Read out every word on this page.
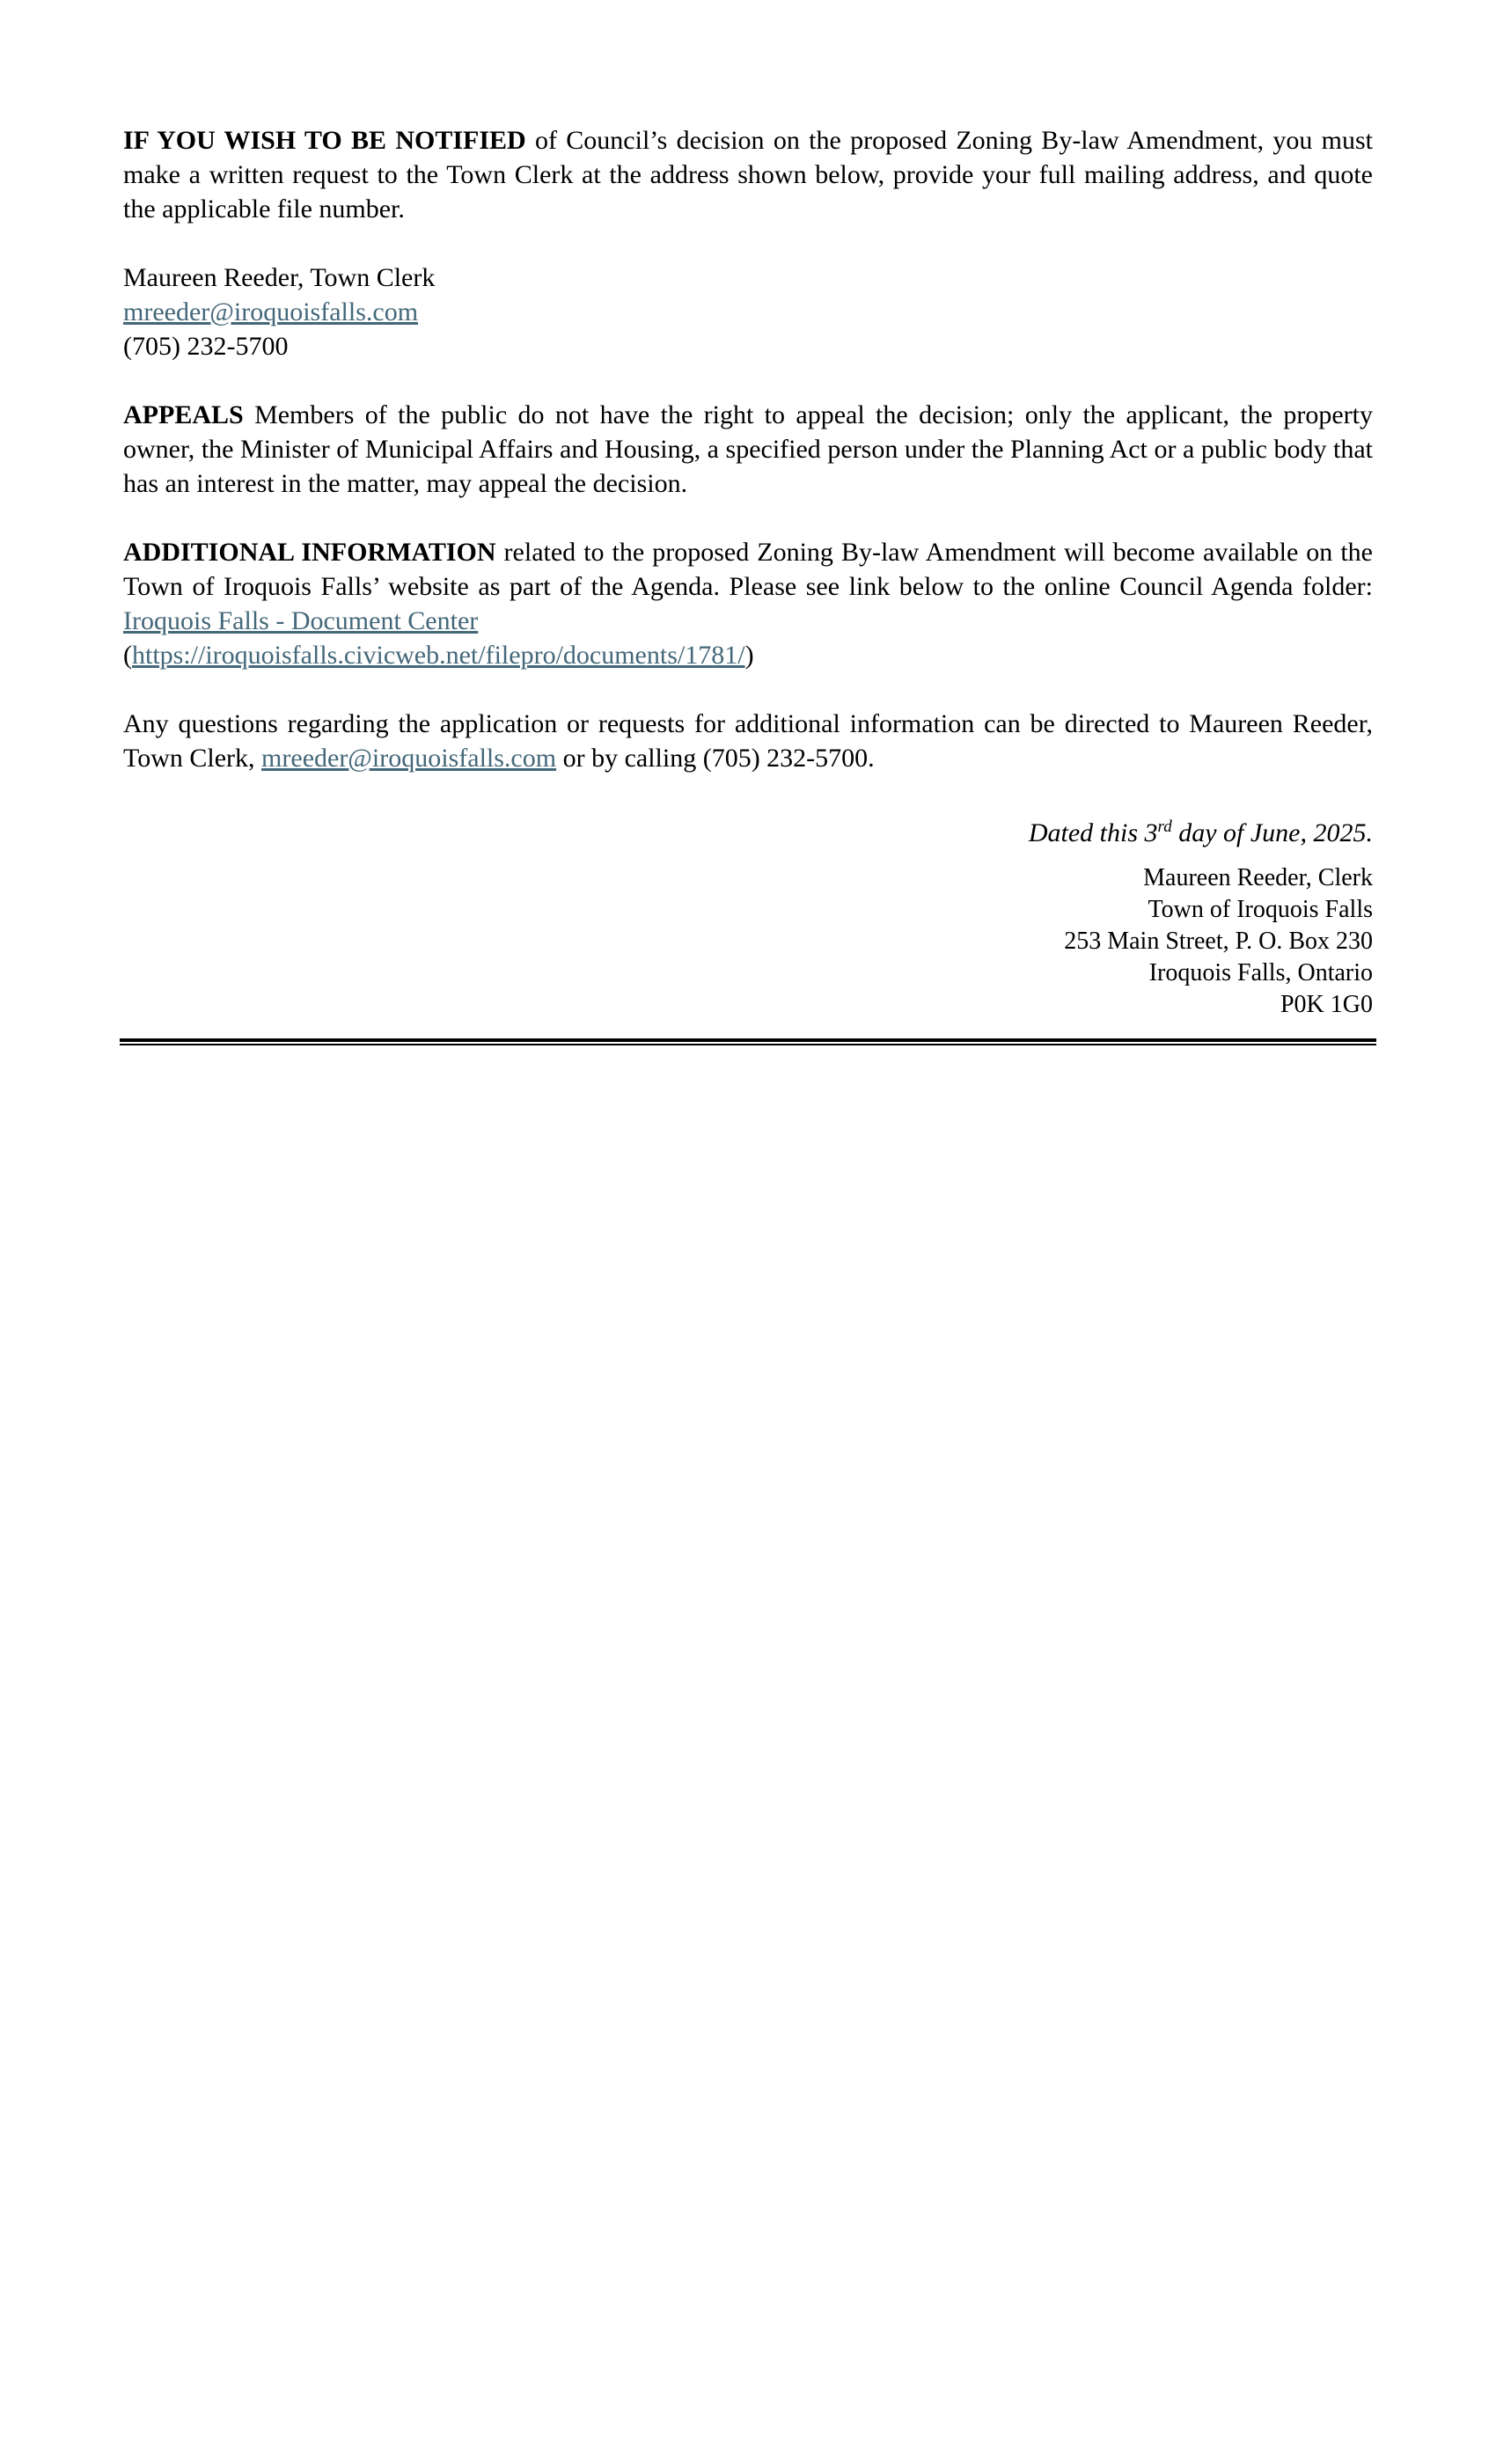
IF YOU WISH TO BE NOTIFIED of Council’s decision on the proposed Zoning By-law Amendment, you must make a written request to the Town Clerk at the address shown below, provide your full mailing address, and quote the applicable file number.

Maureen Reeder, Town Clerk
mreeder@iroquoisfalls.com
(705) 232-5700

APPEALS Members of the public do not have the right to appeal the decision; only the applicant, the property owner, the Minister of Municipal Affairs and Housing, a specified person under the Planning Act or a public body that has an interest in the matter, may appeal the decision.

ADDITIONAL INFORMATION related to the proposed Zoning By-law Amendment will become available on the Town of Iroquois Falls’ website as part of the Agenda. Please see link below to the online Council Agenda folder: Iroquois Falls - Document Center
(https://iroquoisfalls.civicweb.net/filepro/documents/1781/)

Any questions regarding the application or requests for additional information can be directed to Maureen Reeder, Town Clerk, mreeder@iroquoisfalls.com or by calling (705) 232-5700.

Dated this 3rd day of June, 2025.

Maureen Reeder, Clerk
Town of Iroquois Falls
253 Main Street, P. O. Box 230
Iroquois Falls, Ontario
P0K 1G0
